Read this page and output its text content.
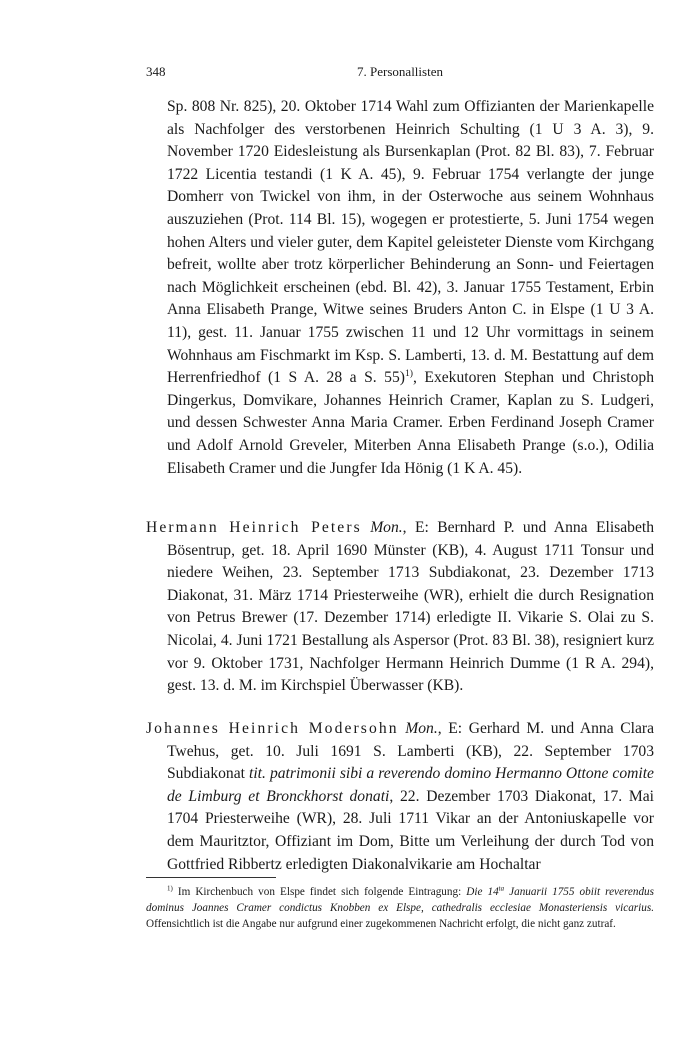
348	7. Personallisten
Sp. 808 Nr. 825), 20. Oktober 1714 Wahl zum Offizianten der Marienkapelle als Nachfolger des verstorbenen Heinrich Schulting (1 U 3 A. 3), 9. November 1720 Eidesleistung als Bursenkaplan (Prot. 82 Bl. 83), 7. Februar 1722 Licentia testandi (1 K A. 45), 9. Februar 1754 verlangte der junge Domherr von Twickel von ihm, in der Osterwoche aus seinem Wohnhaus auszuziehen (Prot. 114 Bl. 15), wogegen er protestierte, 5. Juni 1754 wegen hohen Alters und vieler guter, dem Kapitel geleisteter Dienste vom Kirchgang befreit, wollte aber trotz körperlicher Behinderung an Sonn- und Feiertagen nach Möglichkeit erscheinen (ebd. Bl. 42), 3. Januar 1755 Testament, Erbin Anna Elisabeth Prange, Witwe seines Bruders Anton C. in Elspe (1 U 3 A. 11), gest. 11. Januar 1755 zwischen 11 und 12 Uhr vormittags in seinem Wohnhaus am Fischmarkt im Ksp. S. Lamberti, 13. d. M. Bestattung auf dem Herrenfriedhof (1 S A. 28 a S. 55)$^{1)}$, Exekutoren Stephan und Christoph Dingerkus, Domvikare, Johannes Heinrich Cramer, Kaplan zu S. Ludgeri, und dessen Schwester Anna Maria Cramer. Erben Ferdinand Joseph Cramer und Adolf Arnold Greveler, Miterben Anna Elisabeth Prange (s.o.), Odilia Elisabeth Cramer und die Jungfer Ida Hönig (1 K A. 45).
Hermann Heinrich Peters Mon., E: Bernhard P. und Anna Elisabeth Bösentrup, get. 18. April 1690 Münster (KB), 4. August 1711 Tonsur und niedere Weihen, 23. September 1713 Subdiakonat, 23. Dezember 1713 Diakonat, 31. März 1714 Priesterweihe (WR), erhielt die durch Resignation von Petrus Brewer (17. Dezember 1714) erledigte II. Vikarie S. Olai zu S. Nicolai, 4. Juni 1721 Bestallung als Aspersor (Prot. 83 Bl. 38), resigniert kurz vor 9. Oktober 1731, Nachfolger Hermann Heinrich Dumme (1 R A. 294), gest. 13. d. M. im Kirchspiel Überwasser (KB).
Johannes Heinrich Modersohn Mon., E: Gerhard M. und Anna Clara Twehus, get. 10. Juli 1691 S. Lamberti (KB), 22. September 1703 Subdiakonat tit. patrimonii sibi a reverendo domino Hermanno Ottone comite de Limburg et Bronckhorst donati, 22. Dezember 1703 Diakonat, 17. Mai 1704 Priesterweihe (WR), 28. Juli 1711 Vikar an der Antoniuskapelle vor dem Mauritztor, Offiziant im Dom, Bitte um Verleihung der durch Tod von Gottfried Ribbertz erledigten Diakonalvikarie am Hochaltar
$^{1)}$ Im Kirchenbuch von Elspe findet sich folgende Eintragung: Die $14^{ta}$ Januarii 1755 obiit reverendus dominus Joannes Cramer condictus Knobben ex Elspe, cathedralis ecclesiae Monasteriensis vicarius. Offensichtlich ist die Angabe nur aufgrund einer zugekommenen Nachricht erfolgt, die nicht ganz zutraf.
